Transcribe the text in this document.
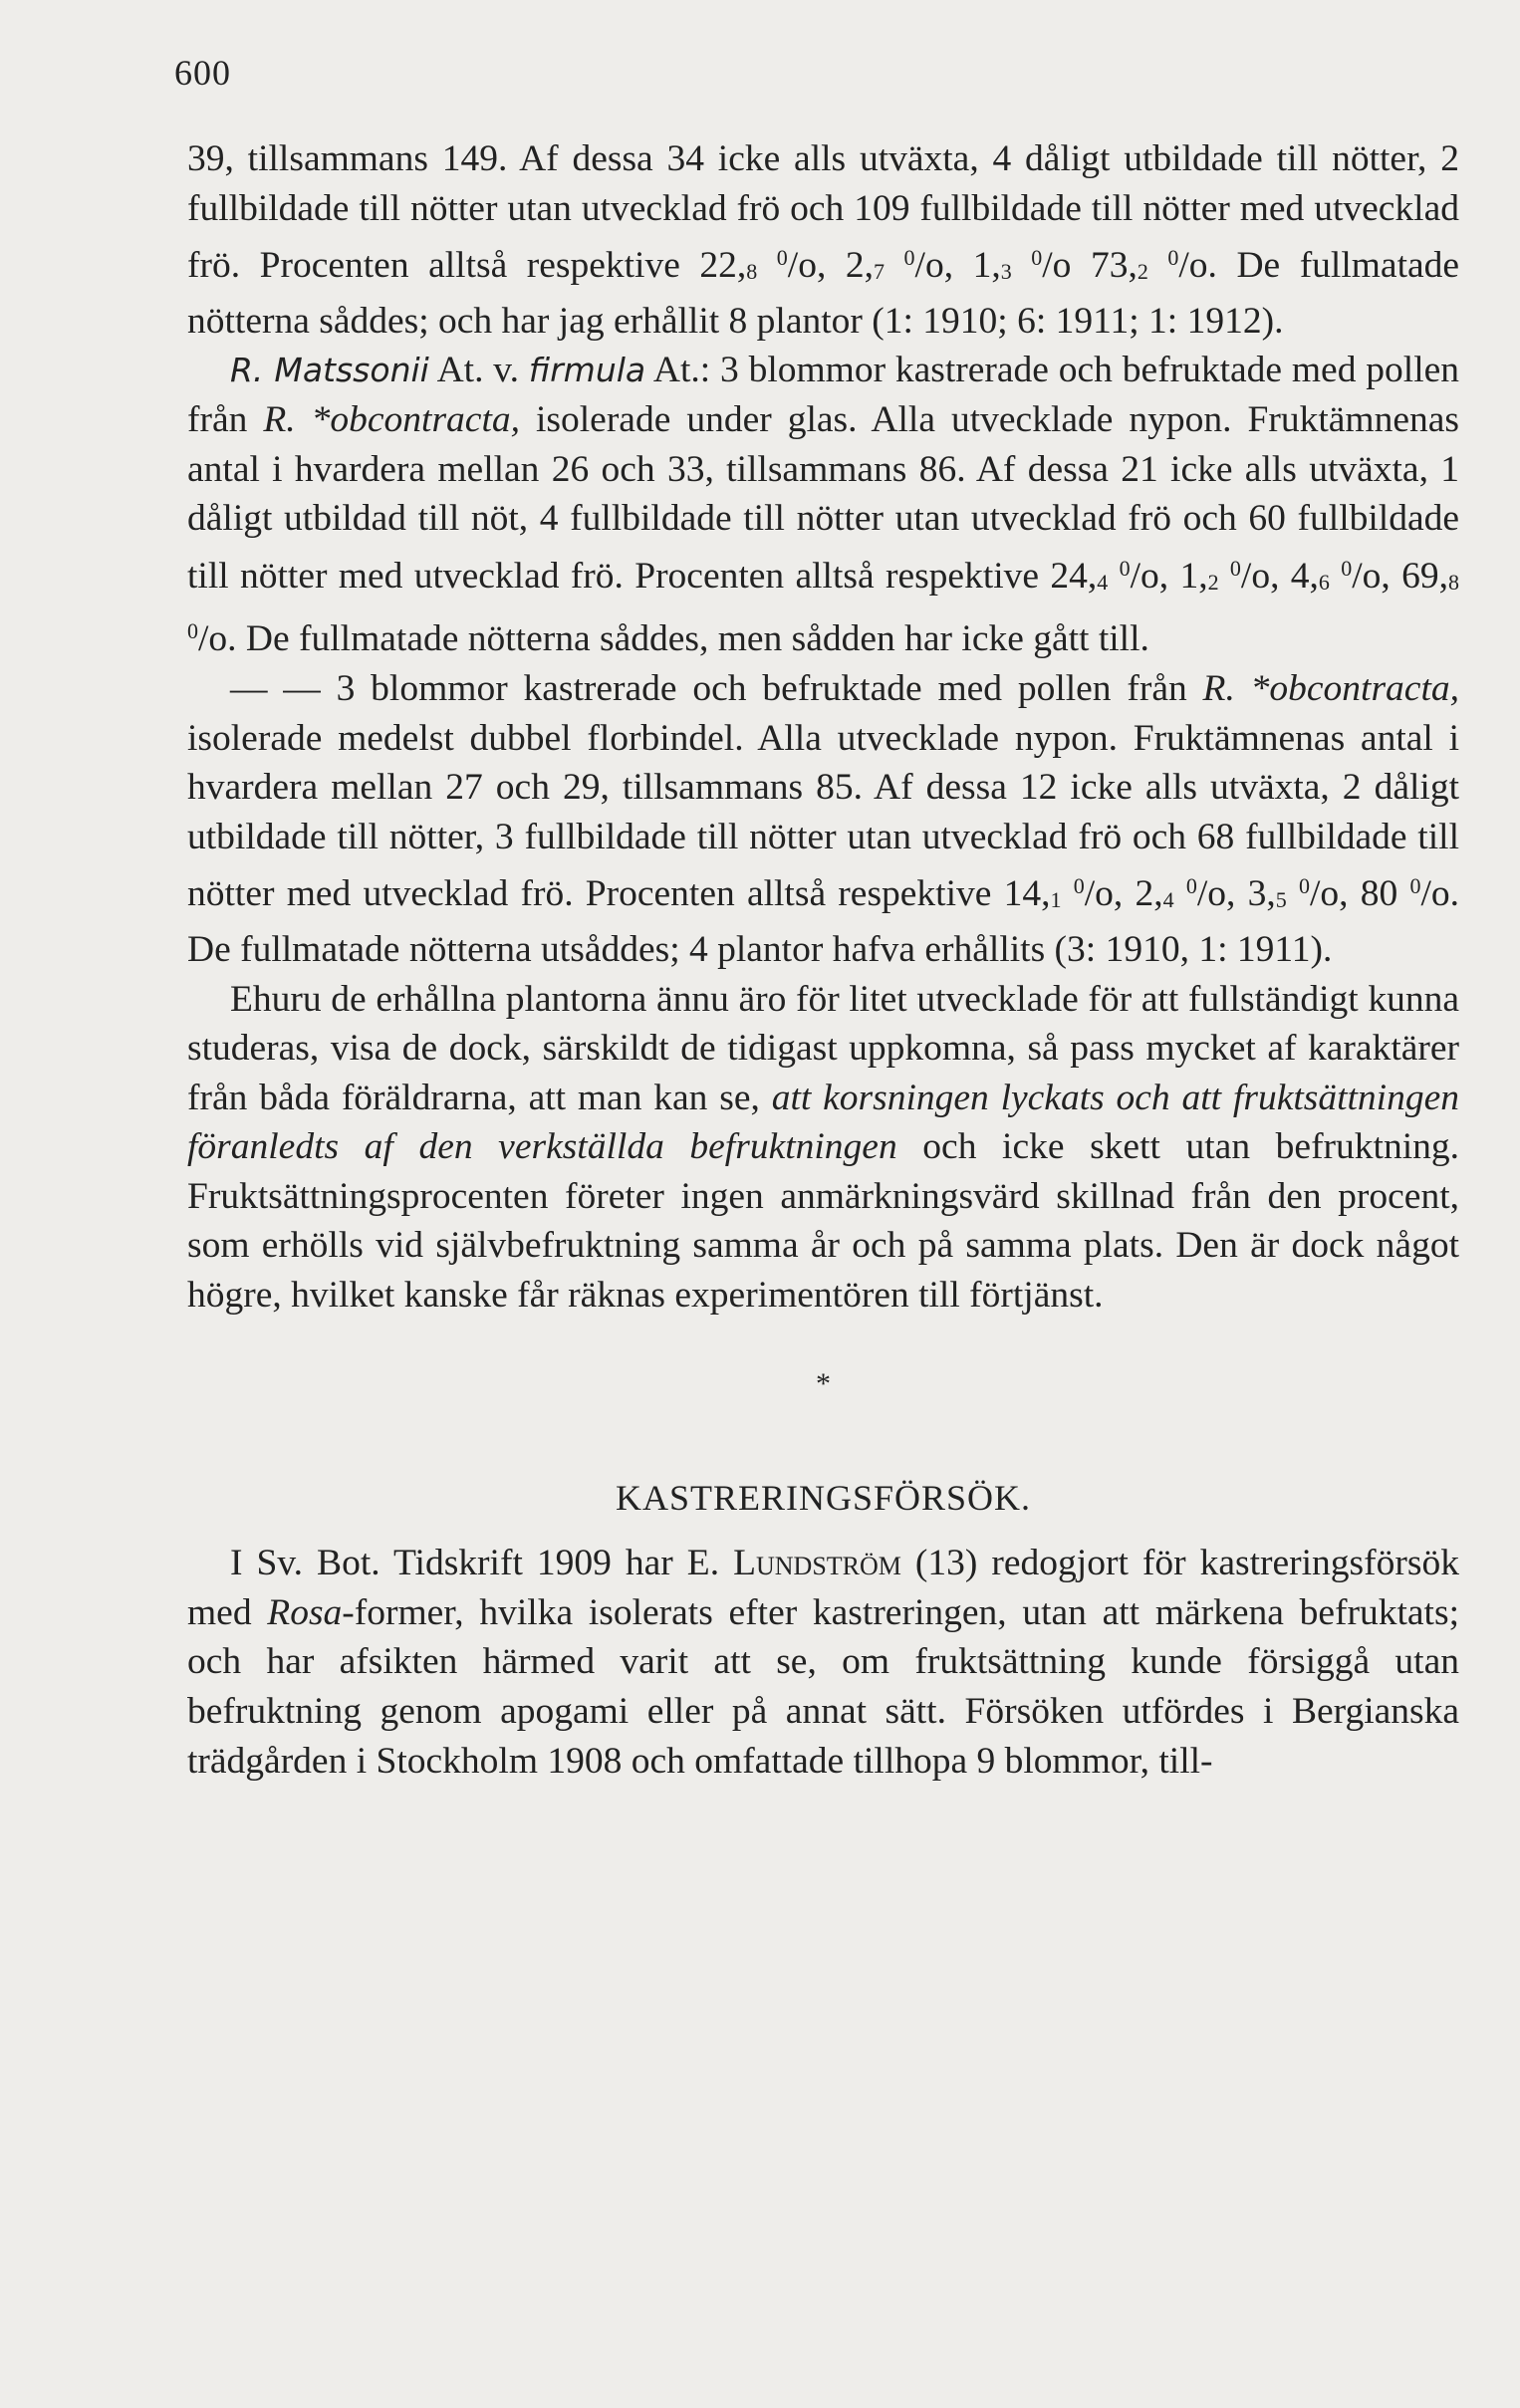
600

39, tillsammans 149. Af dessa 34 icke alls utväxta, 4 dåligt utbildade till nötter, 2 fullbildade till nötter utan utvecklad frö och 109 fullbildade till nötter med utvecklad frö. Procenten alltså respektive $22,_8$ $^0$/o, $2,_7$ $^0$/o, $1,_3$ $^0$/o $73,_2$ $^0$/o. De fullmatade nötterna såddes; och har jag erhållit 8 plantor (1: 1910; 6: 1911; 1: 1912).

R. Matssonii At. v. firmula At.: 3 blommor kastrerade och befruktade med pollen från R. *obcontracta, isolerade under glas. Alla utvecklade nypon. Fruktämnenas antal i hvardera mellan 26 och 33, tillsammans 86. Af dessa 21 icke alls utväxta, 1 dåligt utbildad till nöt, 4 fullbildade till nötter utan utvecklad frö och 60 fullbildade till nötter med utvecklad frö. Procenten alltså respektive $24,_4$ $^0$/o, $1,_2$ $^0$/o, $4,_6$ $^0$/o, $69,_8$ $^0$/o. De fullmatade nötterna såddes, men sådden har icke gått till.

— — 3 blommor kastrerade och befruktade med pollen från R. *obcontracta, isolerade medelst dubbel florbindel. Alla utvecklade nypon. Fruktämnenas antal i hvardera mellan 27 och 29, tillsammans 85. Af dessa 12 icke alls utväxta, 2 dåligt utbildade till nötter, 3 fullbildade till nötter utan utvecklad frö och 68 fullbildade till nötter med utvecklad frö. Procenten alltså respektive $14,_1$ $^0$/o, $2,_4$ $^0$/o, $3,_5$ $^0$/o, 80 $^0$/o. De fullmatade nötterna utsåddes; 4 plantor hafva erhållits (3: 1910, 1: 1911).

Ehuru de erhållna plantorna ännu äro för litet utvecklade för att fullständigt kunna studeras, visa de dock, särskildt de tidigast uppkomna, så pass mycket af karaktärer från båda föräldrarna, att man kan se, att korsningen lyckats och att fruktsättningen föranledts af den verkställda befruktningen och icke skett utan befruktning. Fruktsättningsprocenten företer ingen anmärkningsvärd skillnad från den procent, som erhölls vid självbefruktning samma år och på samma plats. Den är dock något högre, hvilket kanske får räknas experimentören till förtjänst.

*
KASTRERINGSFÖRSÖK.

I Sv. Bot. Tidskrift 1909 har E. Lundström (13) redogjort för kastreringsförsök med Rosa-former, hvilka isolerats efter kastreringen, utan att märkena befruktats; och har afsikten härmed varit att se, om fruktsättning kunde försiggå utan befruktning genom apogami eller på annat sätt. Försöken utfördes i Bergianska trädgården i Stockholm 1908 och omfattade tillhopa 9 blommor, till-
